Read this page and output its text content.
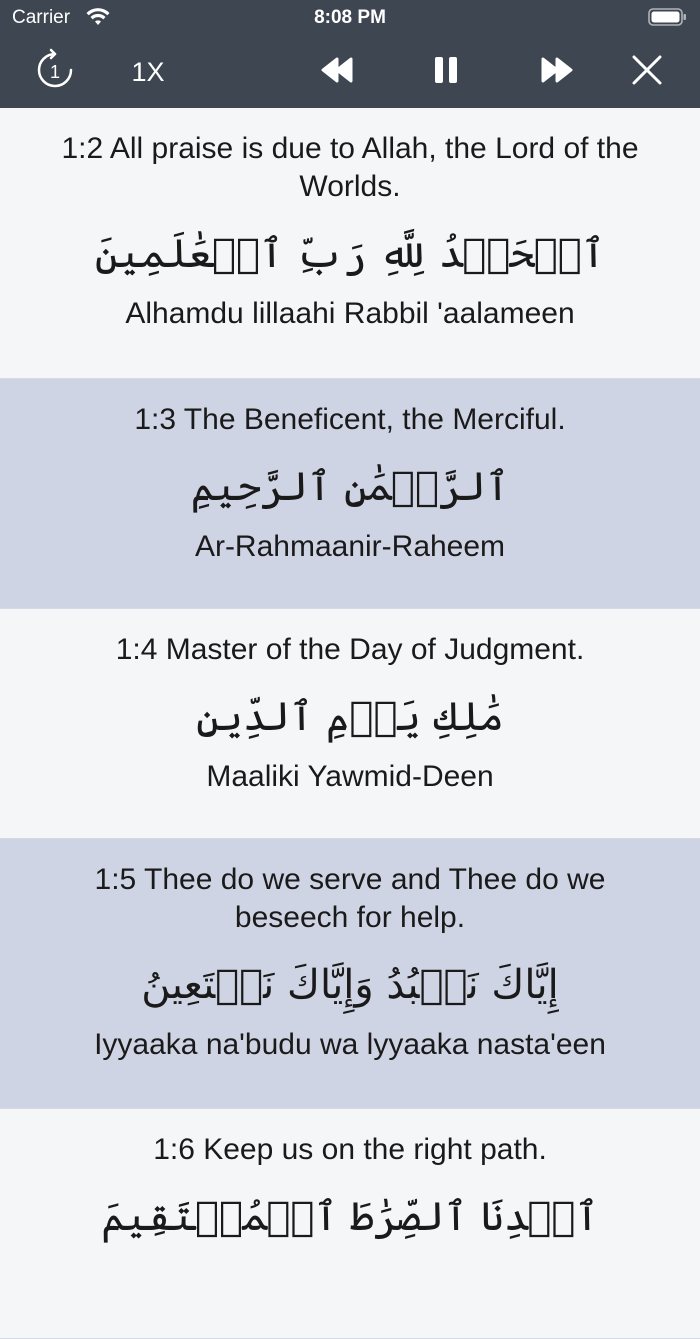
Carrier	8:08 PM
1	1X
1:2 All praise is due to Allah, the Lord of the Worlds.
ٱلۡحَمۡدُ لِلَّهِ رَبِّ ٱلۡعَٰلَمِينَ
Alhamdu lillaahi Rabbil 'aalameen
1:3 The Beneficent, the Merciful.
ٱلرَّحۡمَٰنِ ٱلرَّحِيمِ
Ar-Rahmaanir-Raheem
1:4 Master of the Day of Judgment.
مَٰلِكِ يَوۡمِ ٱلدِّينِ
Maaliki Yawmid-Deen
1:5 Thee do we serve and Thee do we beseech for help.
إِيَّاكَ نَعۡبُدُ وَإِيَّاكَ نَسۡتَعِينُ
Iyyaaka na'budu wa lyyaaka nasta'een
1:6 Keep us on the right path.
ٱهۡدِنَا ٱلصِّرَٰطَ ٱلۡمُسۡتَقِيمَ
